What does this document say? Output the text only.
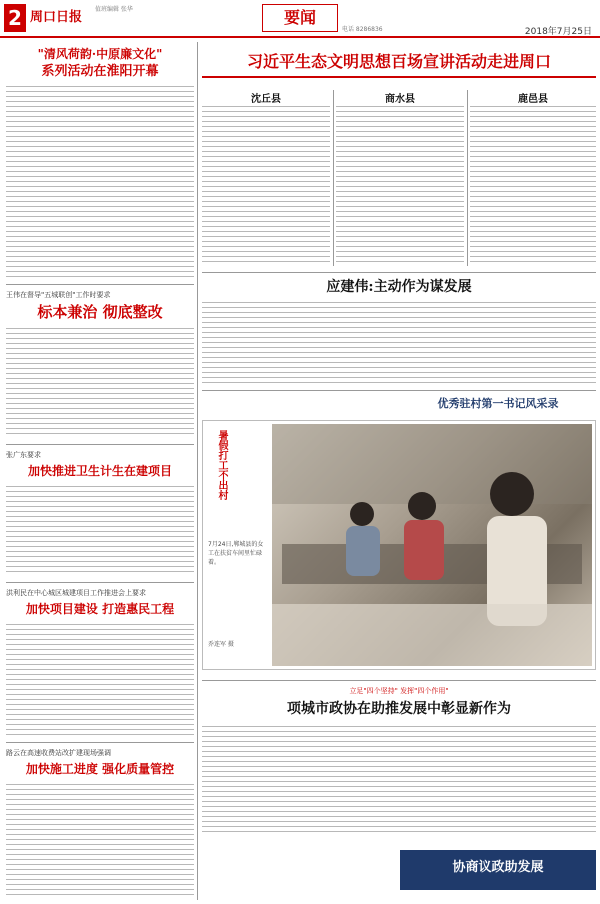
2 周口日报
值班编辑 张华	要闻
电话 8286836	2018年7月25日
"清风荷韵·中原廉文化"
系列活动在淮阳开幕
王伟在督导"五城联创"工作时要求
标本兼治 彻底整改
张广东要求
加快推进卫生计生在建项目
洪利民在中心城区城建项目工作推进会上要求
加快项目建设 打造惠民工程
路云在高速收费站改扩建现场强调
加快施工进度 强化质量管控
习近平生态文明思想百场宣讲活动走进周口
沈丘县	商水县	鹿邑县
应建伟:主动作为谋发展
优秀驻村第一书记风采录
暑假打工不出村
7月24日,郸城县的女工在扶贫车间里忙碌着。
乔连军 摄
立足"四个坚持" 发挥"四个作用"
项城市政协在助推发展中彰显新作为
协商议政助发展
